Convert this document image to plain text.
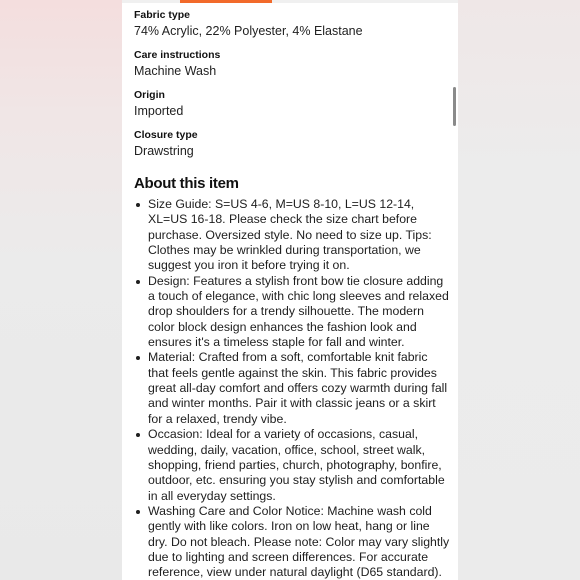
Fabric type
74% Acrylic, 22% Polyester, 4% Elastane
Care instructions
Machine Wash
Origin
Imported
Closure type
Drawstring
About this item
Size Guide: S=US 4-6, M=US 8-10, L=US 12-14, XL=US 16-18. Please check the size chart before purchase. Oversized style. No need to size up. Tips: Clothes may be wrinkled during transportation, we suggest you iron it before trying it on.
Design: Features a stylish front bow tie closure adding a touch of elegance, with chic long sleeves and relaxed drop shoulders for a trendy silhouette. The modern color block design enhances the fashion look and ensures it's a timeless staple for fall and winter.
Material: Crafted from a soft, comfortable knit fabric that feels gentle against the skin. This fabric provides great all-day comfort and offers cozy warmth during fall and winter months. Pair it with classic jeans or a skirt for a relaxed, trendy vibe.
Occasion: Ideal for a variety of occasions, casual, wedding, daily, vacation, office, school, street walk, shopping, friend parties, church, photography, bonfire, outdoor, etc. ensuring you stay stylish and comfortable in all everyday settings.
Washing Care and Color Notice: Machine wash cold gently with like colors. Iron on low heat, hang or line dry. Do not bleach. Please note: Color may vary slightly due to lighting and screen differences. For accurate reference, view under natural daylight (D65 standard).
